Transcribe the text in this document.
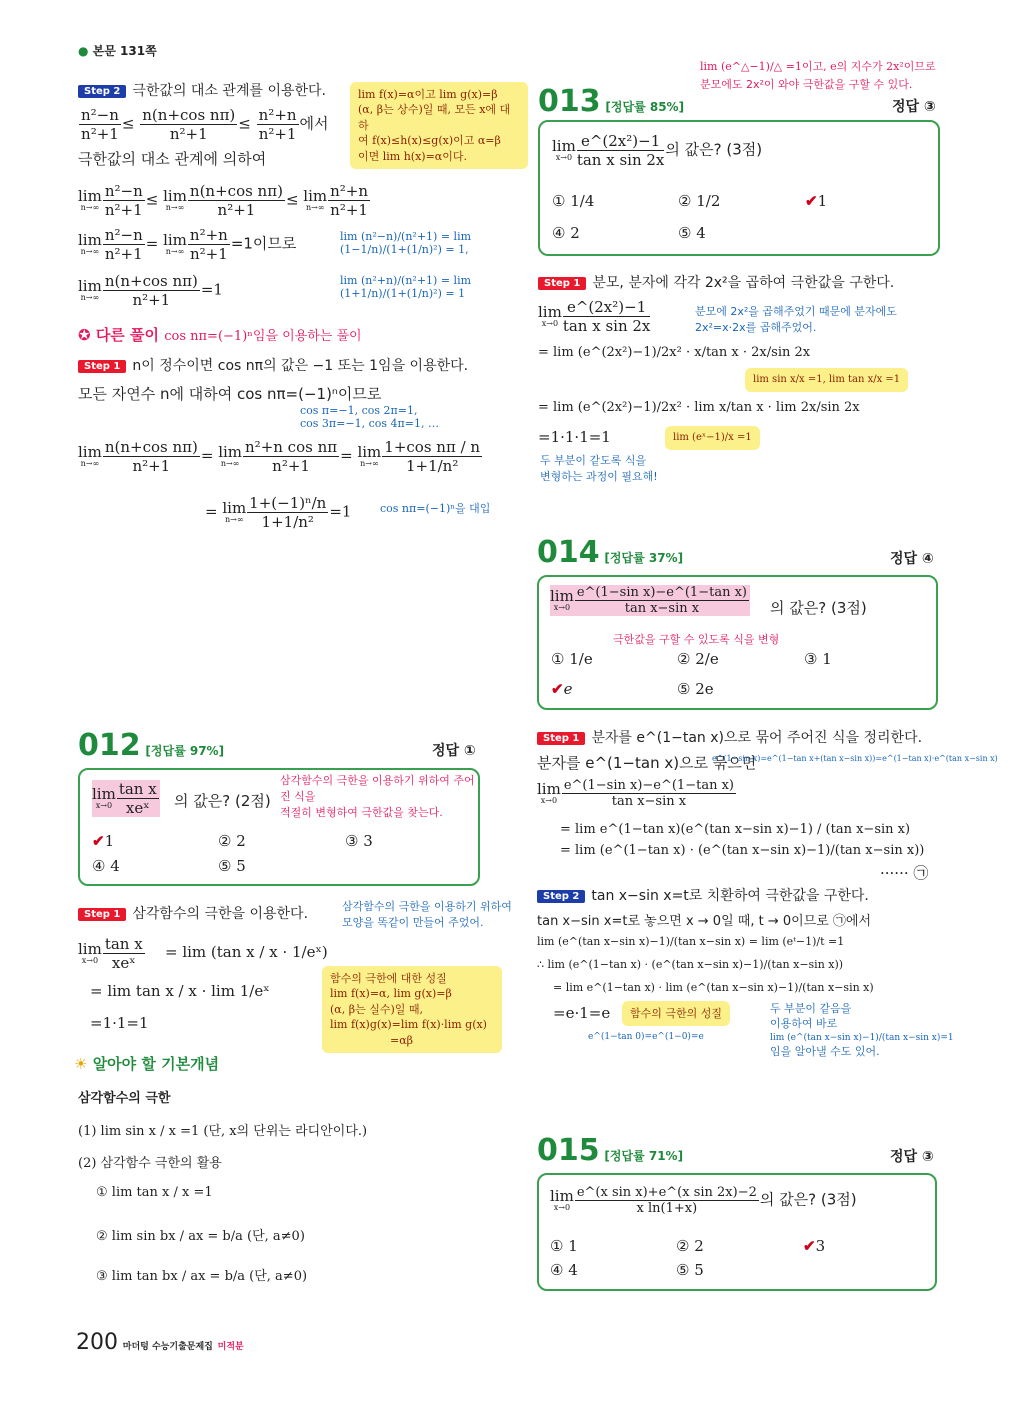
● 본문 131쪽
Step 2 극한값의 대소 관계를 이용한다.
$\frac{\text{n²−n}}{\text{n²+1}} \le \frac{\text{n(n+cos nπ)}}{\text{n²+1}} \le \frac{\text{n²+n}}{\text{n²+1}}$ 에서
극한값의 대소 관계에 의하여
lim
$n\to\infty \frac{\text{n²−n}}{\text{n²+1}} \le \lim$
$n\to\infty \frac{\text{n(n+cos nπ)}}{\text{n²+1}} \le \lim$
$n\to\infty \frac{\text{n²+n}}{\text{n²+1}}$
lim
$n\to\infty \frac{\text{n²−n}}{\text{n²+1}} = \lim$
$n\to\infty \frac{\text{n²+n}}{\text{n²+1}} =1$이므로
lim
$n\to\infty \frac{\text{n(n+cos nπ)}}{\text{n²+1}} =1$
lim f(x)=α이고 lim g(x)=β
(α, β는 상수)일 때, 모든 x에 대하
여 f(x)≤h(x)≤g(x)이고 α=β
이면 lim h(x)=α이다.
lim (n²−n)/(n²+1) = lim (1−1/n)/(1+(1/n)²) = 1,
lim (n²+n)/(n²+1) = lim (1+1/n)/(1+(1/n)²) = 1
✪ 다른 풀이 cos nπ=(−1)ⁿ임을 이용하는 풀이
Step 1 n이 정수이면 cos nπ의 값은 −1 또는 1임을 이용한다.
모든 자연수 n에 대하여 cos nπ=(−1)ⁿ이므로
cos π=−1, cos 2π=1,
cos 3π=−1, cos 4π=1, …
lim
$n\to\infty \frac{\text{n(n+cos nπ)}}{\text{n²+1}} = \lim$
$n\to\infty \frac{\text{n²+n cos nπ}}{\text{n²+1}} = \lim$
$n\to\infty \frac{\text{1+cos nπ / n}}{\text{1+1/n²}}$
= lim
$n\to\infty \frac{\text{1+(−1)ⁿ/n}}{\text{1+1/n²}} =1$	cos nπ=(−1)ⁿ을 대입
012 [정답률 97%]	정답 ①
lim
x→0
tan x
xeˣ	의 값은? (2점)
삼각함수의 극한을 이용하기 위하여 주어진 식을
적절히 변형하여 극한값을 찾는다.
✔1	② 2	③ 3
④ 4	⑤ 5
Step 1 삼각함수의 극한을 이용한다.
lim
x→0
tan x
xeˣ
= lim (tan x / x · 1/eˣ)
= lim tan x / x · lim 1/eˣ
=1·1=1
삼각함수의 극한을 이용하기 위하여
모양을 똑같이 만들어 주었어.
함수의 극한에 대한 성질
lim f(x)=α, lim g(x)=β
(α, β는 실수)일 때,
lim f(x)g(x)=lim f(x)·lim g(x)
=αβ
☀ 알아야 할 기본개념
삼각함수의 극한
(1) lim sin x / x =1 (단, x의 단위는 라디안이다.)
(2) 삼각함수 극한의 활용
① lim tan x / x =1
② lim sin bx / ax = b/a (단, a≠0)
③ lim tan bx / ax = b/a (단, a≠0)
200 마더텅 수능기출문제집 미적분
lim (e^△−1)/△ =1이고, e의 지수가 2x²이므로
013 [정답률 85%]
분모에도 2x²이 와야 극한값을 구할 수 있다.
정답 ③
lim
$x\to 0 \frac{\text{e\textasciicircum{}(2x²)−1}}{\text{tan x sin 2x}}$ 의 값은? (3점)
① 1/4	② 1/2	✔1
④ 2	⑤ 4
Step 1 분모, 분자에 각각 2x²을 곱하여 극한값을 구한다.
lim
$x\to 0 \frac{\text{e\textasciicircum{}(2x²)−1}}{\text{tan x sin 2x}}$
= lim (e^(2x²)−1)/2x² · x/tan x · 2x/sin 2x
= lim (e^(2x²)−1)/2x² · lim x/tan x · lim 2x/sin 2x
=1·1·1=1
분모에 2x²을 곱해주었기 때문에 분자에도
2x²=x·2x를 곱해주었어.
두 부분이 같도록 식을
변형하는 과정이 필요해!
lim sin x/x =1, lim tan x/x =1
lim (eˣ−1)/x =1
014 [정답률 37%]	정답 ④
lim
$x\to 0 \frac{\text{e\textasciicircum{}(1−sin x)−e\textasciicircum{}(1−tan x)}}{\text{tan x−sin x}}$ 의 값은? (3점)
극한값을 구할 수 있도록 식을 변형
① 1/e	② 2/e	③ 1
✔e	⑤ 2e
Step 1 분자를 e^(1−tan x)으로 묶어 주어진 식을 정리한다.
분자를 e^(1−tan x)으로 묶으면
e^(1−sin x)=e^(1−tan x+(tan x−sin x))=e^(1−tan x)·e^(tan x−sin x)
lim
$x\to 0 \frac{\text{e\textasciicircum{}(1−sin x)−e\textasciicircum{}(1−tan x)}}{\text{tan x−sin x}}$
= lim e^(1−tan x)(e^(tan x−sin x)−1) / (tan x−sin x)
= lim (e^(1−tan x) · (e^(tan x−sin x)−1)/(tan x−sin x))
······ ㉠
Step 2 tan x−sin x=t로 치환하여 극한값을 구한다.
tan x−sin x=t로 놓으면 x → 0일 때, t → 0이므로 ㉠에서
lim (e^(tan x−sin x)−1)/(tan x−sin x) = lim (eᵗ−1)/t =1
∴ lim (e^(1−tan x) · (e^(tan x−sin x)−1)/(tan x−sin x))
= lim e^(1−tan x) · lim (e^(tan x−sin x)−1)/(tan x−sin x)
=e·1=e	함수의 극한의 성질
e^(1−tan 0)=e^(1−0)=e
두 부분이 같음을
이용하여 바로
lim (e^(tan x−sin x)−1)/(tan x−sin x)=1
임을 알아낼 수도 있어.
015 [정답률 71%]	정답 ③
lim
$x\to 0 \frac{\text{e\textasciicircum{}(x sin x)+e\textasciicircum{}(x sin 2x)−2}}{\text{x ln(1+x)}}$ 의 값은? (3점)
① 1	② 2	✔3
④ 4	⑤ 5
